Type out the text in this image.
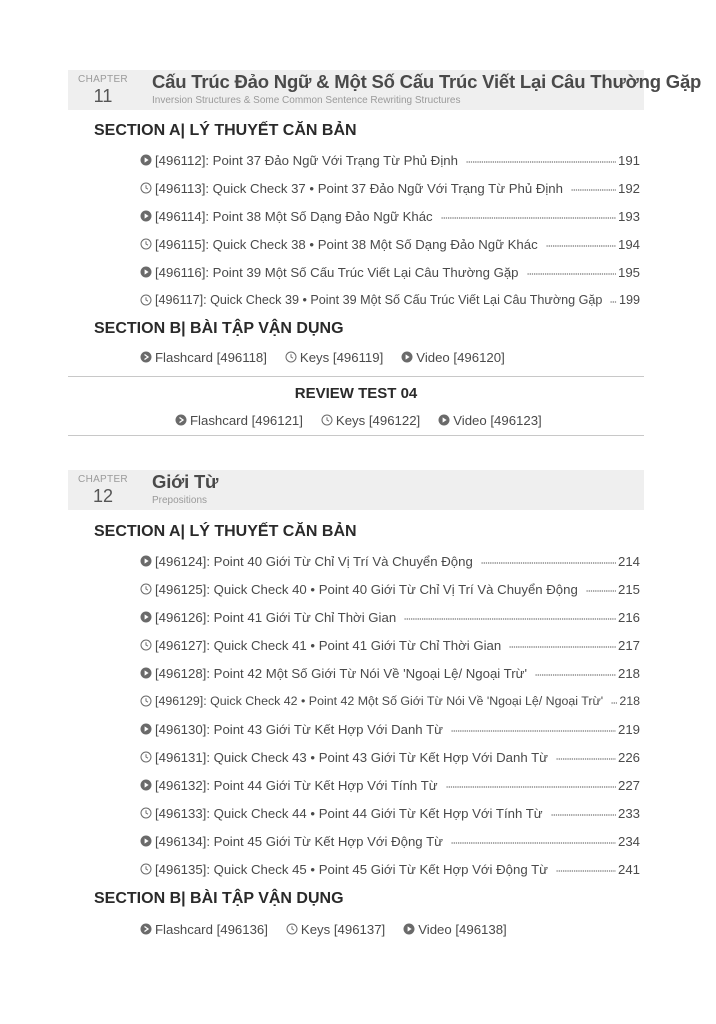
CHAPTER
11
Cấu Trúc Đảo Ngữ & Một Số Cấu Trúc Viết Lại Câu Thường Gặp
Inversion Structures & Some Common Sentence Rewriting Structures
SECTION A| LÝ THUYẾT CĂN BẢN
[496112]: Point 37 Đảo Ngữ Với Trạng Từ Phủ Định	191
[496113]: Quick Check 37 • Point 37 Đảo Ngữ Với Trạng Từ Phủ Định	192
[496114]: Point 38 Một Số Dạng Đảo Ngữ Khác	193
[496115]: Quick Check 38 • Point 38 Một Số Dạng Đảo Ngữ Khác	194
[496116]: Point 39 Một Số Cấu Trúc Viết Lại Câu Thường Gặp	195
[496117]: Quick Check 39 • Point 39 Một Số Cấu Trúc Viết Lại Câu Thường Gặp 199
SECTION B| BÀI TẬP VẬN DỤNG
Flashcard [496118]	Keys [496119]	Video [496120]
REVIEW TEST 04
Flashcard [496121]	Keys [496122]	Video [496123]
CHAPTER
12
Giới Từ
Prepositions
SECTION A| LÝ THUYẾT CĂN BẢN
[496124]: Point 40 Giới Từ Chỉ Vị Trí Và Chuyển Động	214
[496125]: Quick Check 40 • Point 40 Giới Từ Chỉ Vị Trí Và Chuyển Động	215
[496126]: Point 41 Giới Từ Chỉ Thời Gian	216
[496127]: Quick Check 41 • Point 41 Giới Từ Chỉ Thời Gian	217
[496128]: Point 42 Một Số Giới Từ Nói Về 'Ngoại Lệ/ Ngoại Trừ'	218
[496129]: Quick Check 42 • Point 42 Một Số Giới Từ Nói Về 'Ngoại Lệ/ Ngoại Trừ' 218
[496130]: Point 43 Giới Từ Kết Hợp Với Danh Từ	219
[496131]: Quick Check 43 • Point 43 Giới Từ Kết Hợp Với Danh Từ	226
[496132]: Point 44 Giới Từ Kết Hợp Với Tính Từ	227
[496133]: Quick Check 44 • Point 44 Giới Từ Kết Hợp Với Tính Từ	233
[496134]: Point 45 Giới Từ Kết Hợp Với Động Từ	234
[496135]: Quick Check 45 • Point 45 Giới Từ Kết Hợp Với Động Từ	241
SECTION B| BÀI TẬP VẬN DỤNG
Flashcard [496136]	Keys [496137]	Video [496138]
